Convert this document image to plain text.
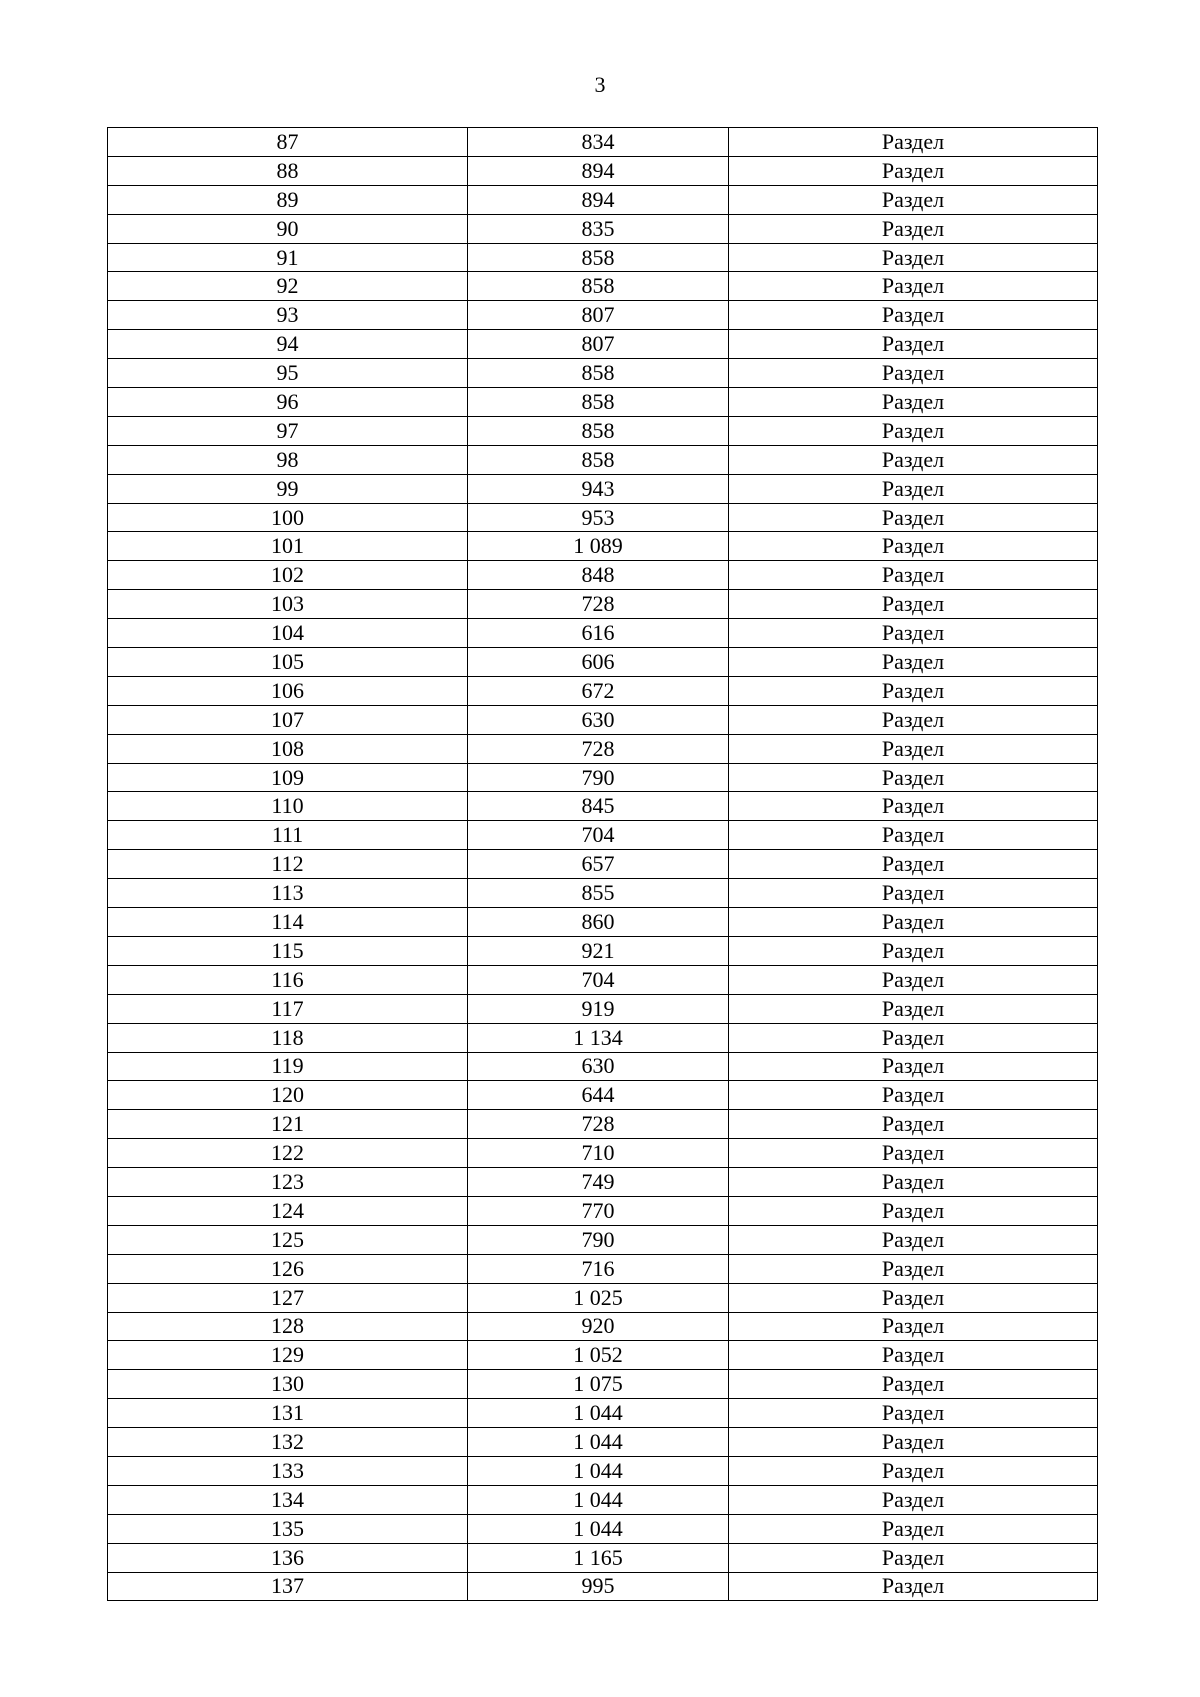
3
87	834	Раздел
88	894	Раздел
89	894	Раздел
90	835	Раздел
91	858	Раздел
92	858	Раздел
93	807	Раздел
94	807	Раздел
95	858	Раздел
96	858	Раздел
97	858	Раздел
98	858	Раздел
99	943	Раздел
100	953	Раздел
101	1 089	Раздел
102	848	Раздел
103	728	Раздел
104	616	Раздел
105	606	Раздел
106	672	Раздел
107	630	Раздел
108	728	Раздел
109	790	Раздел
110	845	Раздел
111	704	Раздел
112	657	Раздел
113	855	Раздел
114	860	Раздел
115	921	Раздел
116	704	Раздел
117	919	Раздел
118	1 134	Раздел
119	630	Раздел
120	644	Раздел
121	728	Раздел
122	710	Раздел
123	749	Раздел
124	770	Раздел
125	790	Раздел
126	716	Раздел
127	1 025	Раздел
128	920	Раздел
129	1 052	Раздел
130	1 075	Раздел
131	1 044	Раздел
132	1 044	Раздел
133	1 044	Раздел
134	1 044	Раздел
135	1 044	Раздел
136	1 165	Раздел
137	995	Раздел
